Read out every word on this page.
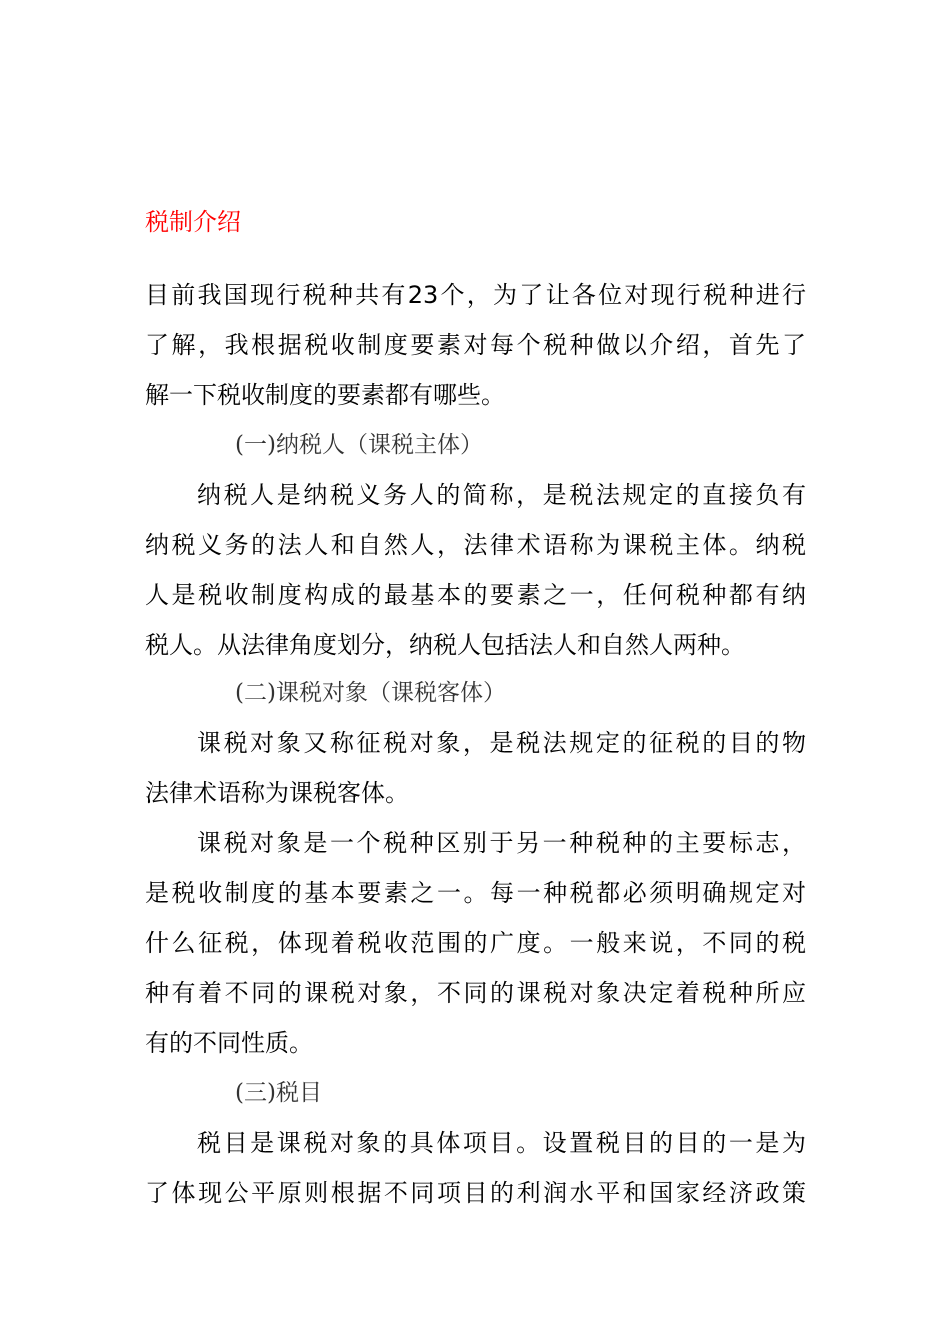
税制介绍
目前我国现行税种共有23个，为了让各位对现行税种进行
了解，我根据税收制度要素对每个税种做以介绍，首先了
解一下税收制度的要素都有哪些。
(一)纳税人（课税主体）
纳税人是纳税义务人的简称，是税法规定的直接负有
纳税义务的法人和自然人，法律术语称为课税主体。纳税
人是税收制度构成的最基本的要素之一，任何税种都有纳
税人。从法律角度划分，纳税人包括法人和自然人两种。
(二)课税对象（课税客体）
课税对象又称征税对象，是税法规定的征税的目的物
法律术语称为课税客体。
课税对象是一个税种区别于另一种税种的主要标志，
是税收制度的基本要素之一。每一种税都必须明确规定对
什么征税，体现着税收范围的广度。一般来说，不同的税
种有着不同的课税对象，不同的课税对象决定着税种所应
有的不同性质。
(三)税目
税目是课税对象的具体项目。设置税目的目的一是为
了体现公平原则根据不同项目的利润水平和国家经济政策
